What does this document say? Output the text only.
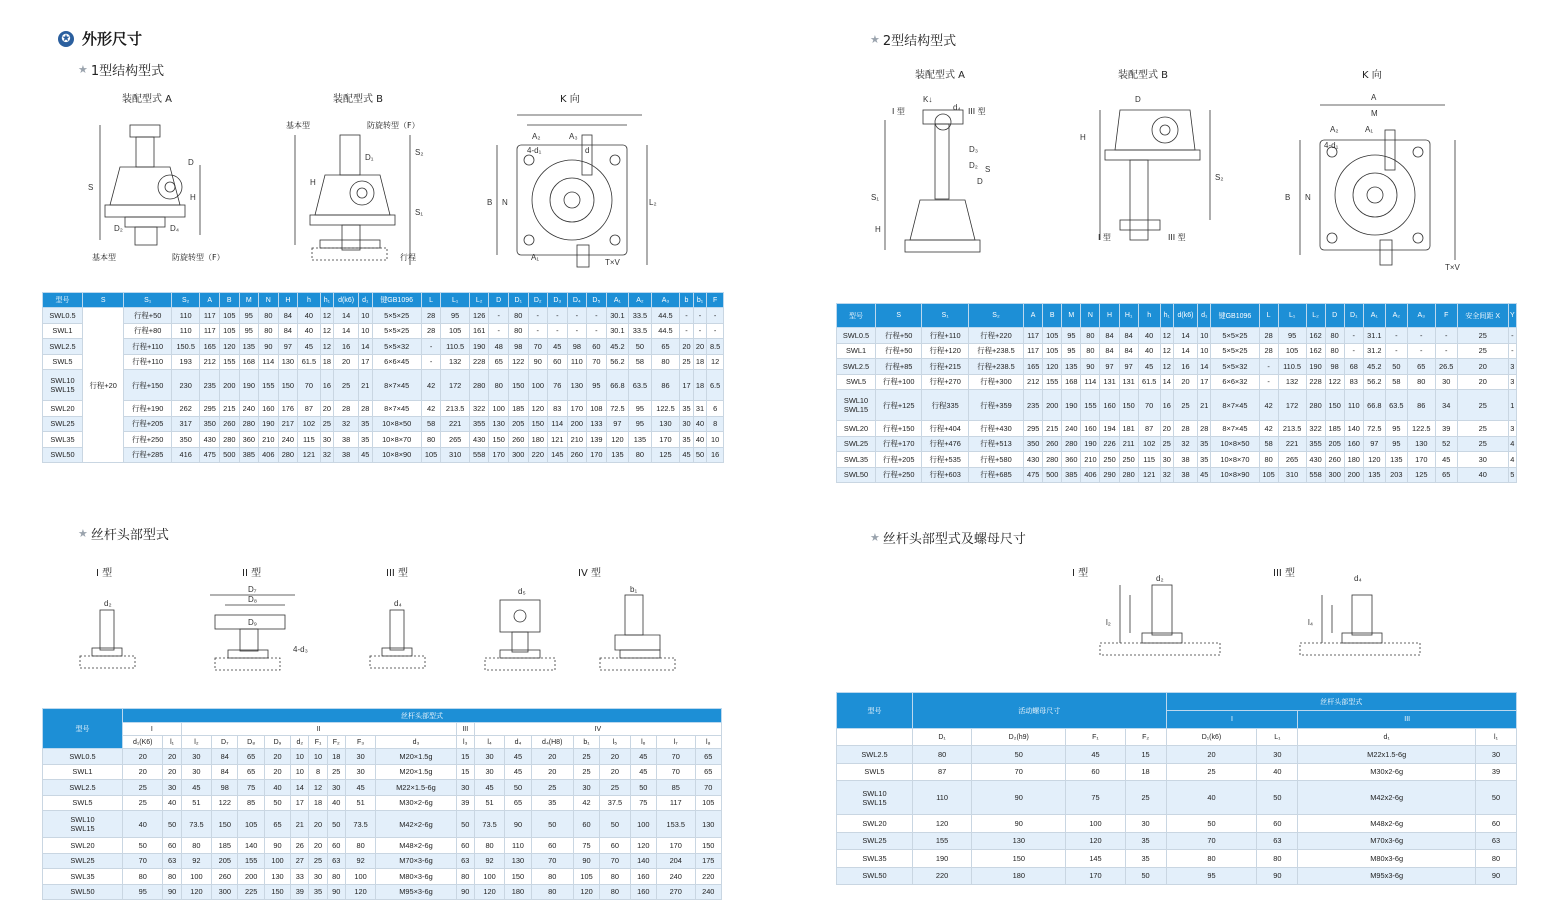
✪ 外形尺寸
★ 1型结构型式
★ 2型结构型式
★ 丝杆头部型式	★ 丝杆头部型式及螺母尺寸
装配型式 A	装配型式 B	K 向
基本型	防旋转型（F）
基本型	防旋转型（F）
行程
装配型式 A	装配型式 B	K 向
I 型	III 型
I 型	III 型
I 型	II 型	III 型	IV 型	I 型	III 型
D
H
S
D₂	D₄
D₁
H
S₂
S₁
A₂	A₃
4-d₁	d
B N	L₂
A₁
T×V
K↓
d₄
D₃
D₂
D
S
S₁
H
D
H
S₂
A
M
A₂	A₁
4-d₁
B N
T×V
d₂
D₇
D₈
D₉
4-d₃
d₄
d₅	b₁
d₂	d₄
l₂	l₄
型号	S	S₁	S₂	A	B	M	N	H	h	h₁	d(k6)	d₁	键GB1096	L	L₁	L₂	D	D₁	D₂	D₃	D₄	D₅	A₁	A₂	A₃	b	b₁	F
SWL0.5	行程+20	行程+50	110	117	105	95	80	84	40	12	14	10	5×5×25	28	95	126	-	80	-	-	-	-	30.1	33.5	44.5	-	-	-
SWL1		行程+80	110	117	105	95	80	84	40	12	14	10	5×5×25	28	105	161	-	80	-	-	-	-	30.1	33.5	44.5	-	-	-
SWL2.5		行程+110	150.5	165	120	135	90	97	45	12	16	14	5×5×32	-	110.5	190	48	98	70	45	98	60	45.2	50	65	20	20	8.5
SWL5		行程+110	193	212	155	168	114	130	61.5	18	20	17	6×6×45	-	132	228	65	122	90	60	110	70	56.2	58	80	25	18	12

SWL10
SWL15		行程+150	230	235	200	190	155	150	70	16	25	21	8×7×45	42	172	280	80	150	100	76	130	95	66.8	63.5	86	17	18	6.5
SWL20		行程+190	262	295	215	240	160	176	87	20	28	28	8×7×45	42	213.5	322	100	185	120	83	170	108	72.5	95	122.5	35	31	6
SWL25		行程+205	317	350	260	280	190	217	102	25	32	35	10×8×50	58	221	355	130	205	150	114	200	133	97	95	130	30	40	8
SWL35		行程+250	350	430	280	360	210	240	115	30	38	35	10×8×70	80	265	430	150	260	180	121	210	139	120	135	170	35	40	10
SWL50		行程+285	416	475	500	385	406	280	121	32	38	45	10×8×90	105	310	558	170	300	220	145	260	170	135	80	125	45	50	16
型号	S	S₁	S₂	A	B	M	N	H	H₁	h	h₁	d(k6)	d₁	键GB1096	L	L₁	L₂	D	D₁	A₁	A₂	A₃	F	安全间距 X	Y
SWL0.5	行程+50	行程+110	行程+220	117	105	95	80	84	84	40	12	14	10	5×5×25	28	95	162	80	-	31.1	-	-	-	25	-
SWL1	行程+50	行程+120	行程+238.5	117	105	95	80	84	84	40	12	14	10	5×5×25	28	105	162	80	-	31.2	-	-	-	25	-
SWL2.5	行程+85	行程+215	行程+238.5	165	120	135	90	97	97	45	12	16	14	5×5×32	-	110.5	190	98	68	45.2	50	65	26.5	20	3
SWL5	行程+100	行程+270	行程+300	212	155	168	114	131	131	61.5	14	20	17	6×6×32	-	132	228	122	83	56.2	58	80	30	20	3

SWL10
SWL15	行程+125	行程335	行程+359	235	200	190	155	160	150	70	16	25	21	8×7×45	42	172	280	150	110	66.8	63.5	86	34	25	1
SWL20	行程+150	行程+404	行程+430	295	215	240	160	194	181	87	20	28	28	8×7×45	42	213.5	322	185	140	72.5	95	122.5	39	25	3
SWL25	行程+170	行程+476	行程+513	350	260	280	190	226	211	102	25	32	35	10×8×50	58	221	355	205	160	97	95	130	52	25	4
SWL35	行程+205	行程+535	行程+580	430	280	360	210	250	250	115	30	38	35	10×8×70	80	265	430	260	180	120	135	170	45	30	4
SWL50	行程+250	行程+603	行程+685	475	500	385	406	290	280	121	32	38	45	10×8×90	105	310	558	300	200	135	203	125	65	40	5
型号	丝杆头部型式																			
	I		II									III	IV							
	d₁(K6)	l₁	l₂	D₇	D₈	D₉	d₂	F₁	F₂	F₃	d₃	l₃	l₄	d₄	d₄(H8)	b₁	l₅	l₆	l₇	l₈
SWL0.5	20	20	30	84	65	20	10	10	18	30	M20×1.5g	15	30	45	20	25	20	45	70	65
SWL1	20	20	30	84	65	20	10	8	25	30	M20×1.5g	15	30	45	20	25	20	45	70	65
SWL2.5	25	30	45	98	75	40	14	12	30	45	M22×1.5-6g	30	45	50	25	30	25	50	85	70
SWL5	25	40	51	122	85	50	17	18	40	51	M30×2-6g	39	51	65	35	42	37.5	75	117	105

SWL10
SWL15	40	50	73.5	150	105	65	21	20	50	73.5	M42×2-6g	50	73.5	90	50	60	50	100	153.5	130
SWL20	50	60	80	185	140	90	26	20	60	80	M48×2-6g	60	80	110	60	75	60	120	170	150
SWL25	70	63	92	205	155	100	27	25	63	92	M70×3-6g	63	92	130	70	90	70	140	204	175
SWL35	80	80	100	260	200	130	33	30	80	100	M80×3-6g	80	100	150	80	105	80	160	240	220
SWL50	95	90	120	300	225	150	39	35	90	120	M95×3-6g	90	120	180	80	120	80	160	270	240
型号	活动螺母尺寸				丝杆头部型式			
					I		III	
	D₁	D₂(h9)	F₁	F₂	D₁(k6)	L₁	d₁	l₁
SWL2.5	80	50	45	15	20	30	M22x1.5-6g	30
SWL5	87	70	60	18	25	40	M30x2-6g	39

SWL10
SWL15	110	90	75	25	40	50	M42x2-6g	50
SWL20	120	90	100	30	50	60	M48x2-6g	60
SWL25	155	130	120	35	70	63	M70x3-6g	63
SWL35	190	150	145	35	80	80	M80x3-6g	80
SWL50	220	180	170	50	95	90	M95x3-6g	90
